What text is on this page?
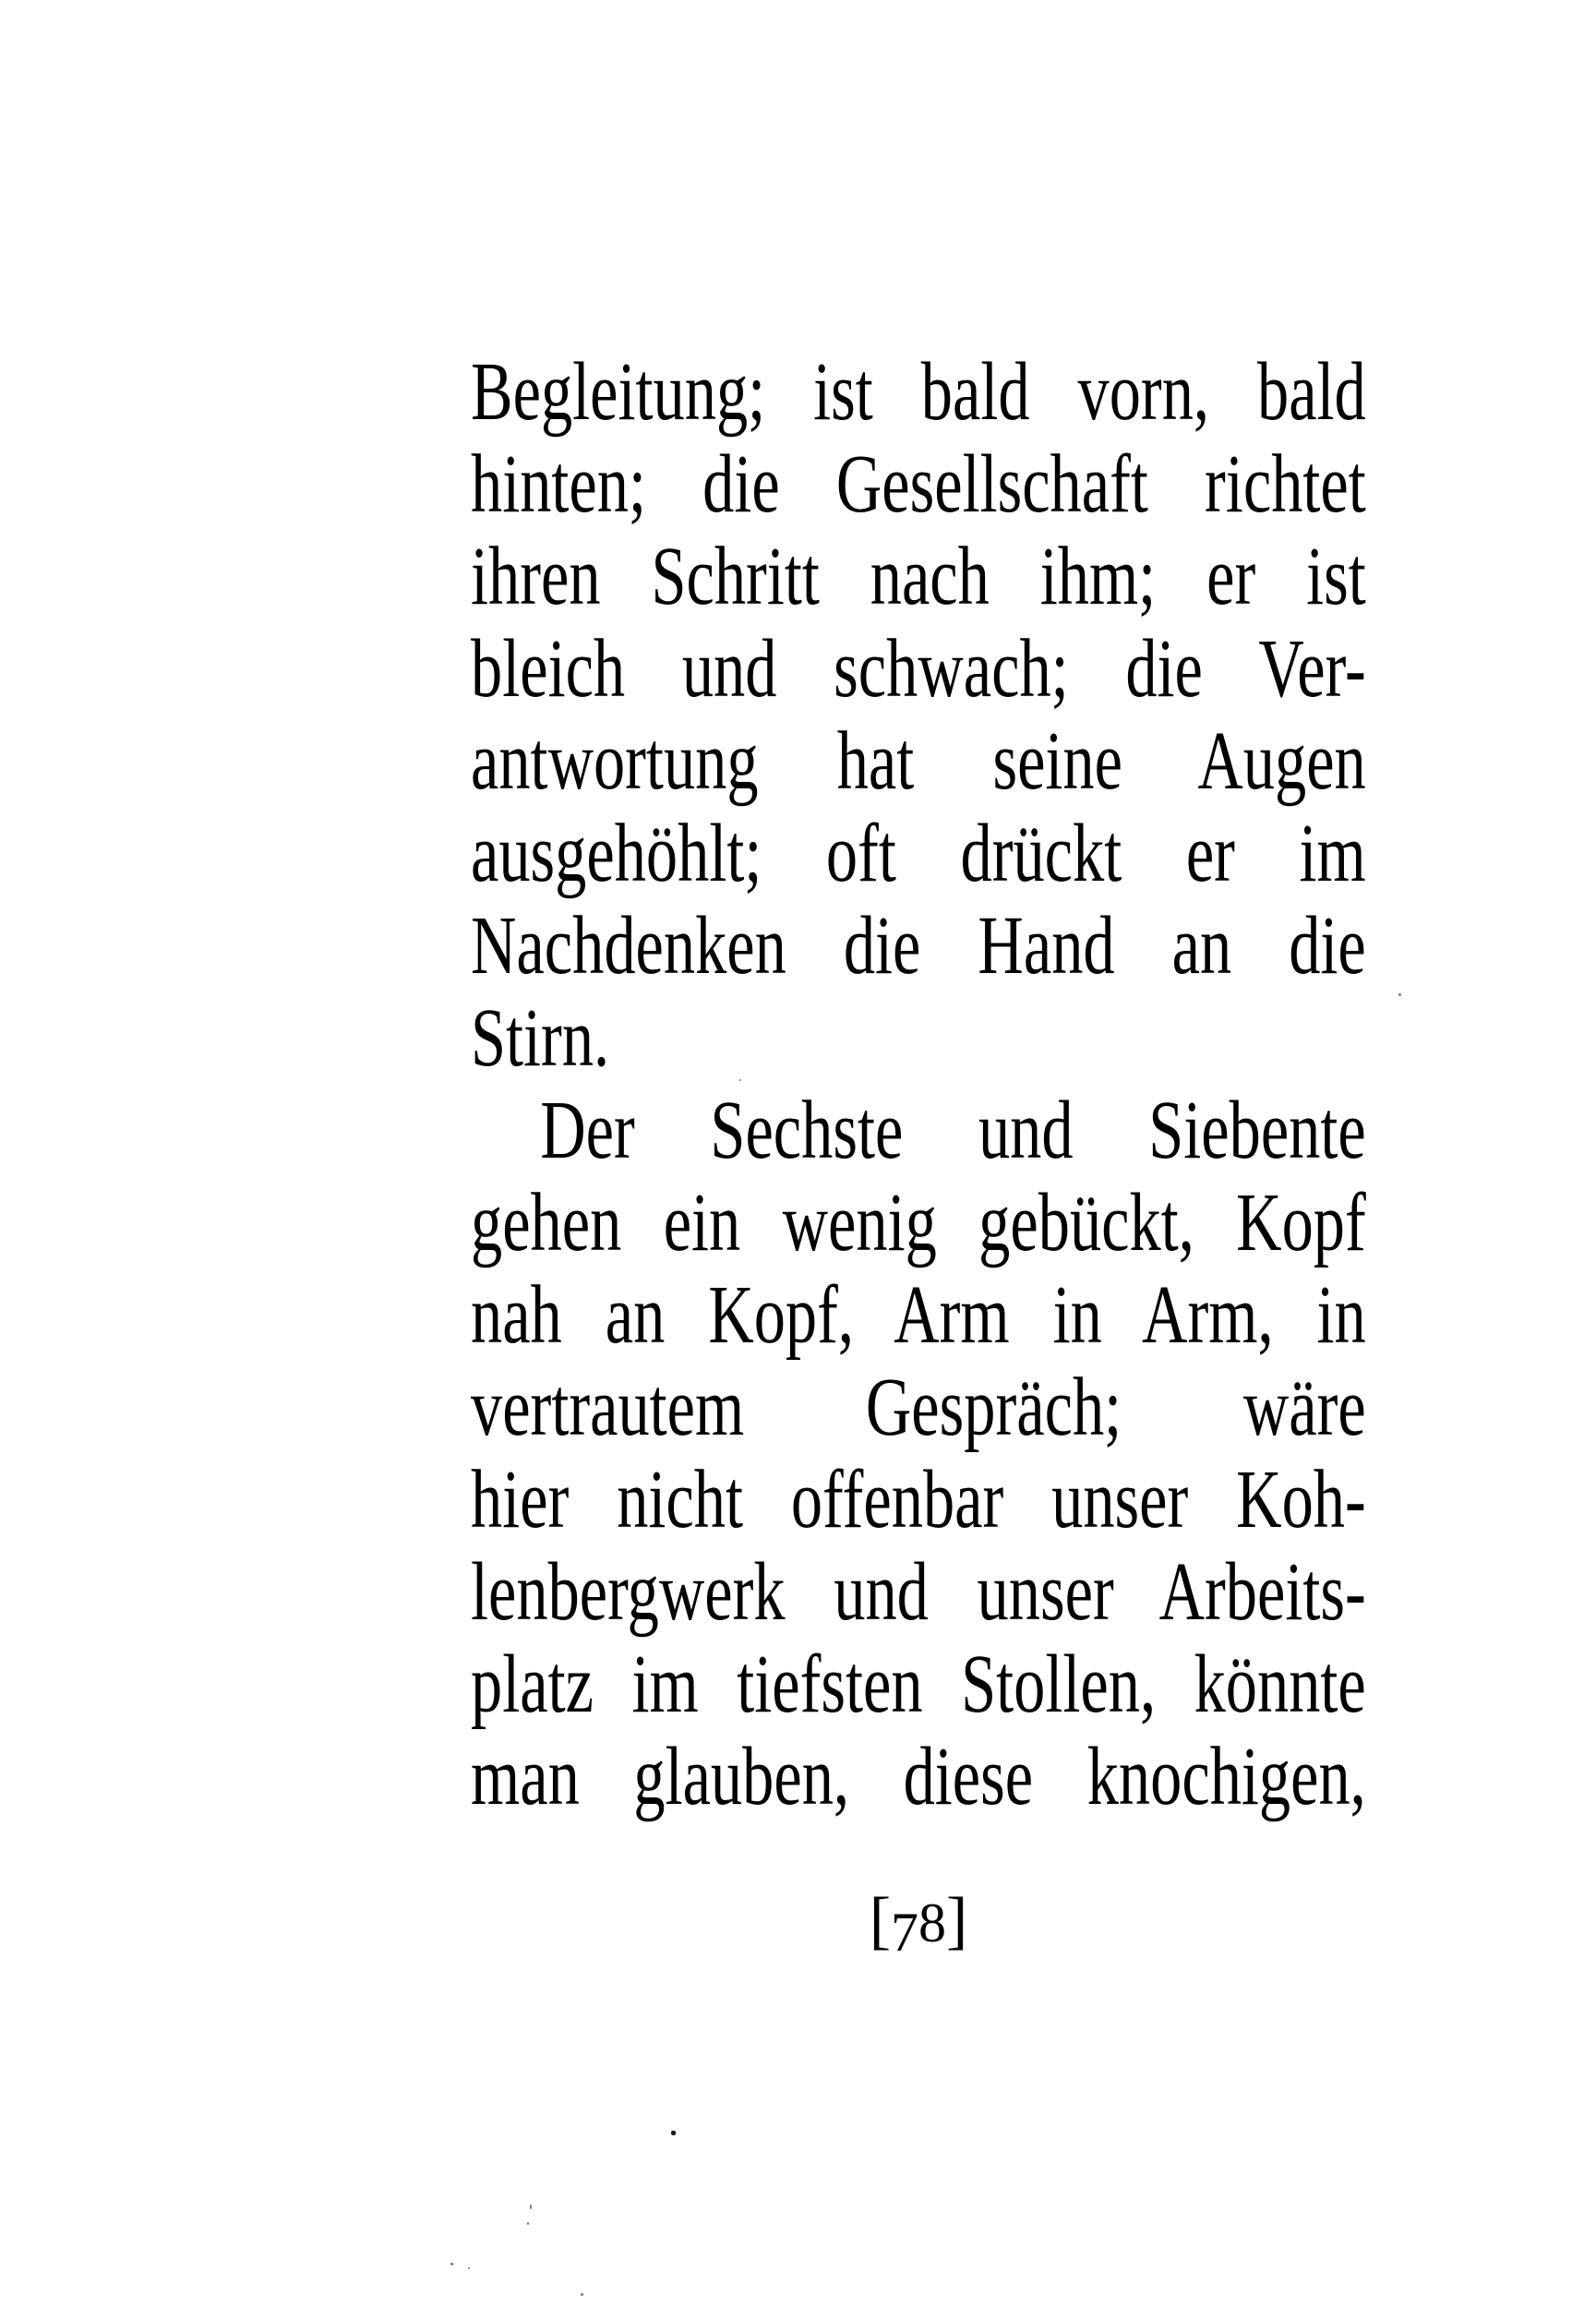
Begleitung; ist bald vorn, bald
hinten; die Gesellschaft richtet
ihren Schritt nach ihm; er ist
bleich und schwach; die Ver-
antwortung hat seine Augen
ausgehöhlt; oft drückt er im
Nachdenken die Hand an die
Stirn.
Der Sechste und Siebente
gehen ein wenig gebückt, Kopf
nah an Kopf, Arm in Arm, in
vertrautem Gespräch; wäre
hier nicht offenbar unser Koh-
lenbergwerk und unser Arbeits-
platz im tiefsten Stollen, könnte
man glauben, diese knochigen,
[78]
